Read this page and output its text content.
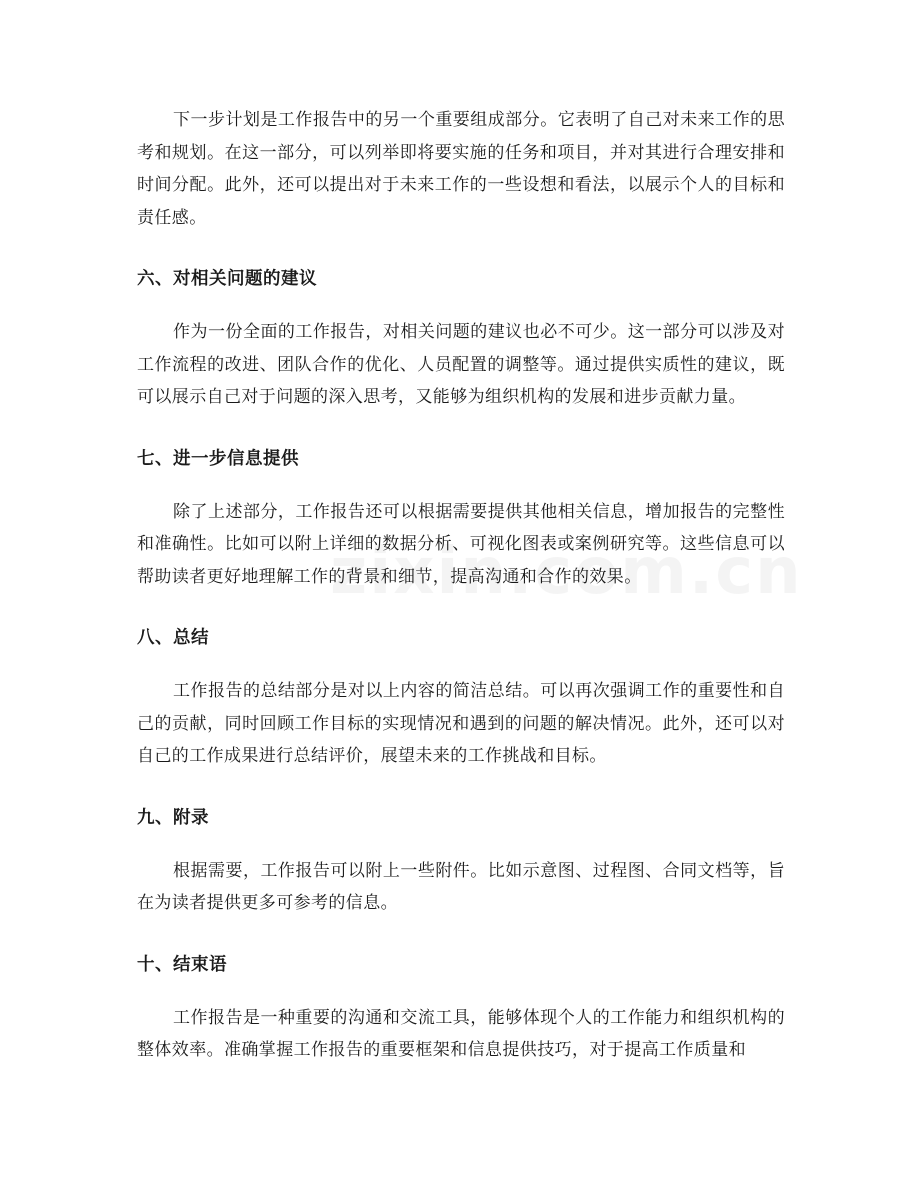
下一步计划是工作报告中的另一个重要组成部分。它表明了自己对未来工作的思考和规划。在这一部分，可以列举即将要实施的任务和项目，并对其进行合理安排和时间分配。此外，还可以提出对于未来工作的一些设想和看法，以展示个人的目标和责任感。

六、对相关问题的建议

作为一份全面的工作报告，对相关问题的建议也必不可少。这一部分可以涉及对工作流程的改进、团队合作的优化、人员配置的调整等。通过提供实质性的建议，既可以展示自己对于问题的深入思考，又能够为组织机构的发展和进步贡献力量。

七、进一步信息提供

除了上述部分，工作报告还可以根据需要提供其他相关信息，增加报告的完整性和准确性。比如可以附上详细的数据分析、可视化图表或案例研究等。这些信息可以帮助读者更好地理解工作的背景和细节，提高沟通和合作的效果。

八、总结

工作报告的总结部分是对以上内容的简洁总结。可以再次强调工作的重要性和自己的贡献，同时回顾工作目标的实现情况和遇到的问题的解决情况。此外，还可以对自己的工作成果进行总结评价，展望未来的工作挑战和目标。

九、附录

根据需要，工作报告可以附上一些附件。比如示意图、过程图、合同文档等，旨在为读者提供更多可参考的信息。

十、结束语

工作报告是一种重要的沟通和交流工具，能够体现个人的工作能力和组织机构的整体效率。准确掌握工作报告的重要框架和信息提供技巧，对于提高工作质量和
